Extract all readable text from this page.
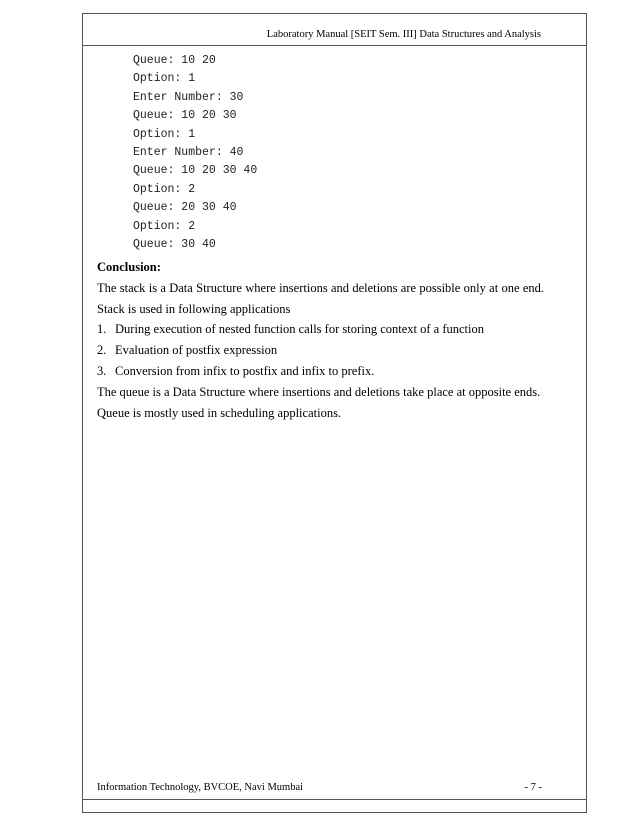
Laboratory Manual [SEIT Sem. III] Data Structures and Analysis
Queue: 10 20
Option: 1
Enter Number: 30
Queue: 10 20 30
Option: 1
Enter Number: 40
Queue: 10 20 30 40
Option: 2
Queue: 20 30 40
Option: 2
Queue: 30 40
Conclusion:
The stack is a Data Structure where insertions and deletions are possible only at one end.
Stack is used in following applications
1. During execution of nested function calls for storing context of a function
2. Evaluation of postfix expression
3. Conversion from infix to postfix and infix to prefix.
The queue is a Data Structure where insertions and deletions take place at opposite ends.
Queue is mostly used in scheduling applications.
Information Technology, BVCOE, Navi Mumbai	- 7 -
